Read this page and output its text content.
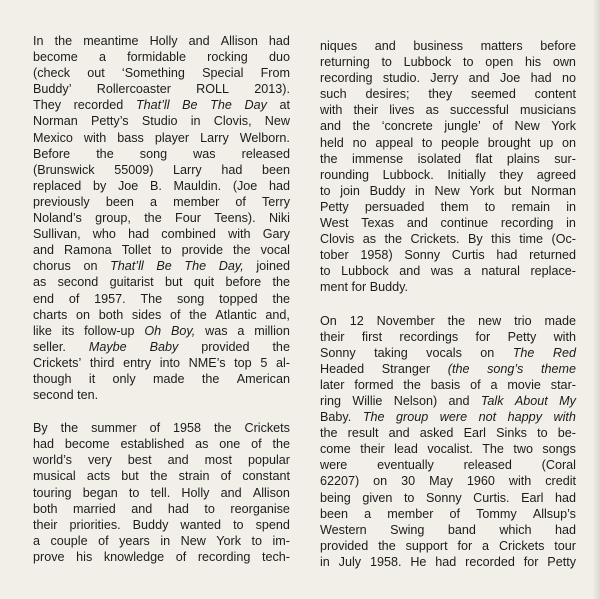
In the meantime Holly and Allison had
become a formidable rocking duo
(check out ‘Something Special From
Buddy’ Rollercoaster ROLL 2013).
They recorded That’ll Be The Day at
Norman Petty’s Studio in Clovis, New
Mexico with bass player Larry Welborn.
Before the song was released
(Brunswick 55009) Larry had been
replaced by Joe B. Mauldin. (Joe had
previously been a member of Terry
Noland’s group, the Four Teens). Niki
Sullivan, who had combined with Gary
and Ramona Tollet to provide the vocal
chorus on That’ll Be The Day, joined
as second guitarist but quit before the
end of 1957. The song topped the
charts on both sides of the Atlantic and,
like its follow-up Oh Boy, was a million
seller. Maybe Baby provided the
Crickets’ third entry into NME’s top 5 al-
though it only made the American
second ten.
By the summer of 1958 the Crickets
had become established as one of the
world’s very best and most popular
musical acts but the strain of constant
touring began to tell. Holly and Allison
both married and had to reorganise
their priorities. Buddy wanted to spend
a couple of years in New York to im-
prove his knowledge of recording tech-
niques and business matters before
returning to Lubbock to open his own
recording studio. Jerry and Joe had no
such desires; they seemed content
with their lives as successful musicians
and the ‘concrete jungle’ of New York
held no appeal to people brought up on
the immense isolated flat plains sur-
rounding Lubbock. Initially they agreed
to join Buddy in New York but Norman
Petty persuaded them to remain in
West Texas and continue recording in
Clovis as the Crickets. By this time (Oc-
tober 1958) Sonny Curtis had returned
to Lubbock and was a natural replace-
ment for Buddy.
On 12 November the new trio made
their first recordings for Petty with
Sonny taking vocals on The Red
Headed Stranger (the song’s theme
later formed the basis of a movie star-
ring Willie Nelson) and Talk About My
Baby. The group were not happy with
the result and asked Earl Sinks to be-
come their lead vocalist. The two songs
were eventually released (Coral
62207) on 30 May 1960 with credit
being given to Sonny Curtis. Earl had
been a member of Tommy Allsup’s
Western Swing band which had
provided the support for a Crickets tour
in July 1958. He had recorded for Petty
